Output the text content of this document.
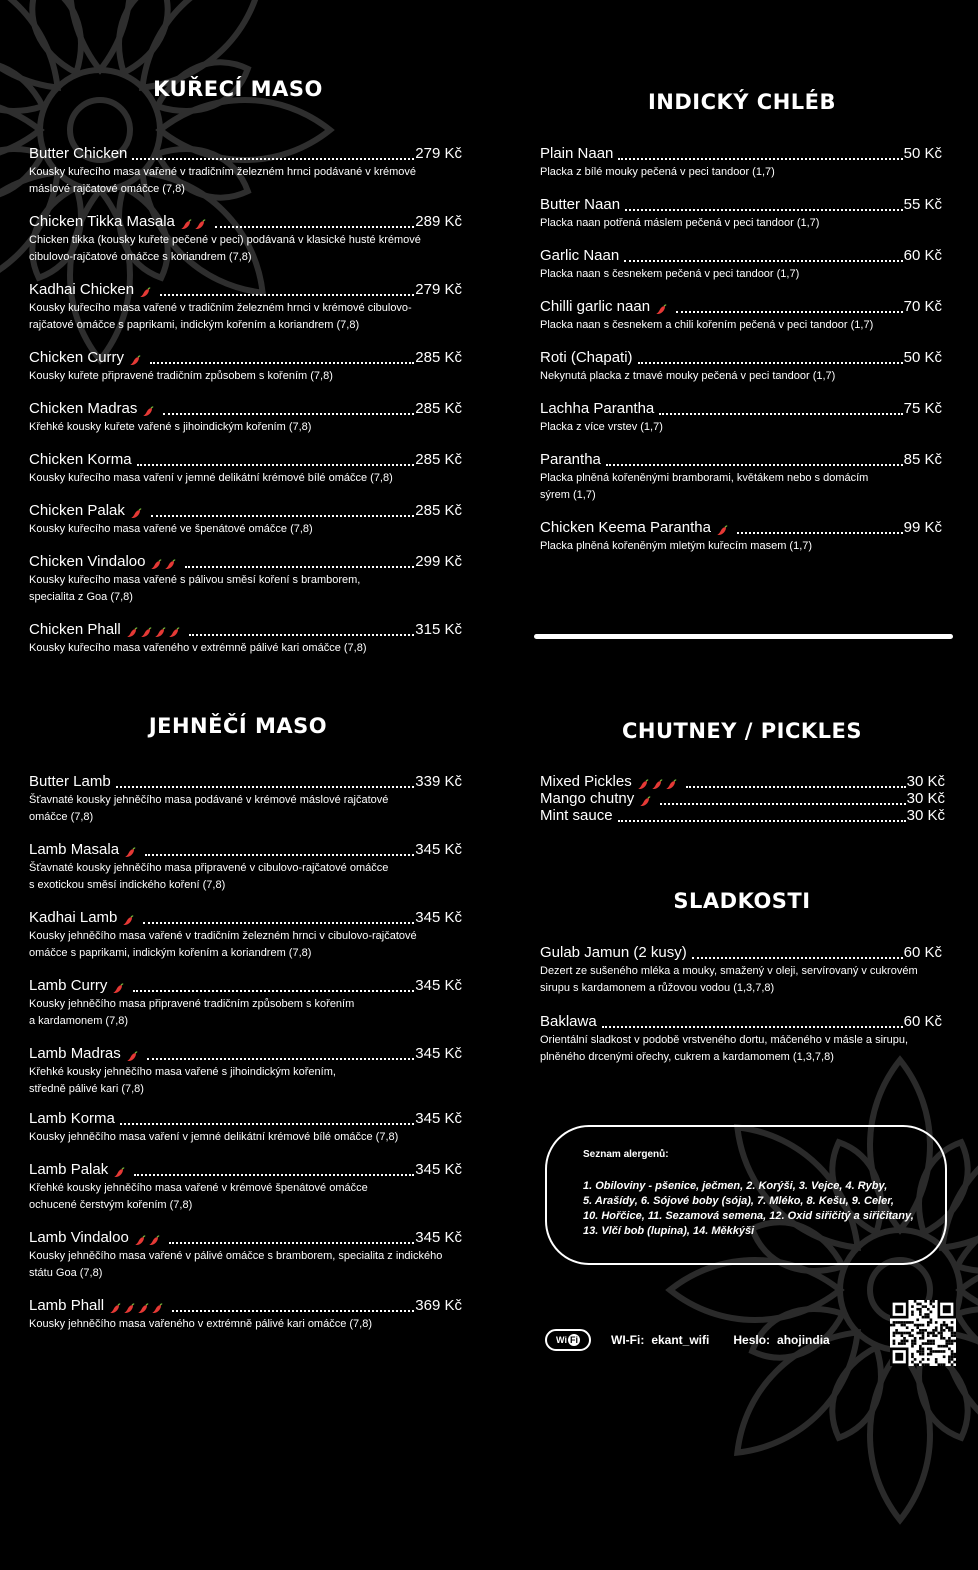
KUŘECÍ MASO
INDICKÝ CHLÉB
JEHNĚČÍ MASO	CHUTNEY / PICKLES
SLADKOSTI
Butter Chicken	279 Kč
Kousky kuřecího masa vařené v tradičním železném hrnci podávané v krémové
máslové rajčatové omáčce (7,8)
Chicken Tikka Masala	289 Kč
Chicken tikka (kousky kuřete pečené v peci) podávaná v klasické husté krémové
cibulovo-rajčatové omáčce s koriandrem (7,8)
Kadhai Chicken	279 Kč
Kousky kuřecího masa vařené v tradičním železném hrnci v krémové cibulovo-
rajčatové omáčce s paprikami, indickým kořením a koriandrem (7,8)
Chicken Curry	285 Kč
Kousky kuřete připravené tradičním způsobem s kořením (7,8)
Chicken Madras	285 Kč
Křehké kousky kuřete vařené s jihoindickým kořením (7,8)
Chicken Korma	285 Kč
Kousky kuřecího masa vaření v jemné delikátní krémové bílé omáčce (7,8)
Chicken Palak	285 Kč
Kousky kuřecího masa vařené ve špenátové omáčce (7,8)
Chicken Vindaloo	299 Kč
Kousky kuřecího masa vařené s pálivou směsí koření s bramborem,
specialita z Goa (7,8)
Chicken Phall	315 Kč
Kousky kuřecího masa vařeného v extrémně pálivé kari omáčce (7,8)
Plain Naan	50 Kč
Placka z bílé mouky pečená v peci tandoor (1,7)
Butter Naan	55 Kč
Placka naan potřená máslem pečená v peci tandoor (1,7)
Garlic Naan	60 Kč
Placka naan s česnekem pečená v peci tandoor (1,7)
Chilli garlic naan	70 Kč
Placka naan s česnekem a chili kořením pečená v peci tandoor (1,7)
Roti (Chapati)	50 Kč
Nekynutá placka z tmavé mouky pečená v peci tandoor (1,7)
Lachha Parantha	75 Kč
Placka z více vrstev (1,7)
Parantha	85 Kč
Placka plněná kořeněnými bramborami, květákem nebo s domácím
sýrem (1,7)
Chicken Keema Parantha	99 Kč
Placka plněná kořeněným mletým kuřecím masem (1,7)
Butter Lamb	339 Kč
Šťavnaté kousky jehněčího masa podávané v krémové máslové rajčatové
omáčce (7,8)
Lamb Masala	345 Kč
Šťavnaté kousky jehněčího masa připravené v cibulovo-rajčatové omáčce
s exotickou směsí indického koření (7,8)
Kadhai Lamb	345 Kč
Kousky jehněčího masa vařené v tradičním železném hrnci v cibulovo-rajčatové
omáčce s paprikami, indickým kořením a koriandrem (7,8)
Lamb Curry	345 Kč
Kousky jehněčího masa připravené tradičním způsobem s kořením
a kardamonem (7,8)
Lamb Madras	345 Kč
Křehké kousky jehněčího masa vařené s jihoindickým kořením,
středně pálivé kari (7,8)
Lamb Korma	345 Kč
Kousky jehněčího masa vaření v jemné delikátní krémové bílé omáčce (7,8)
Lamb Palak	345 Kč
Křehké kousky jehněčího masa vařené v krémové špenátové omáčce
ochucené čerstvým kořením (7,8)
Lamb Vindaloo	345 Kč
Kousky jehněčího masa vařené v pálivé omáčce s bramborem, specialita z indického
státu Goa (7,8)
Lamb Phall	369 Kč
Kousky jehněčího masa vařeného v extrémně pálivé kari omáčce (7,8)
Mixed Pickles	30 Kč
Mango chutny	30 Kč
Mint sauce	30 Kč
Gulab Jamun (2 kusy)	60 Kč
Dezert ze sušeného mléka a mouky, smažený v oleji, servírovaný v cukrovém
sirupu s kardamonem a růžovou vodou (1,3,7,8)
Baklawa	60 Kč
Orientální sladkost v podobě vrstveného dortu, máčeného v másle a sirupu,
plněného drcenými ořechy, cukrem a kardamomem (1,3,7,8)
Seznam alergenů:
1. Obiloviny - pšenice, ječmen, 2. Korýši, 3. Vejce, 4. Ryby,
5. Arašídy, 6. Sójové boby (sója), 7. Mléko, 8. Kešu, 9. Celer,
10. Hořčice, 11. Sezamová semena, 12. Oxid siřičitý a siřičitany,
13. Vlčí bob (lupina), 14. Měkkýši
Wi Fi	WI-Fi: ekant_wifi Heslo: ahojindia
